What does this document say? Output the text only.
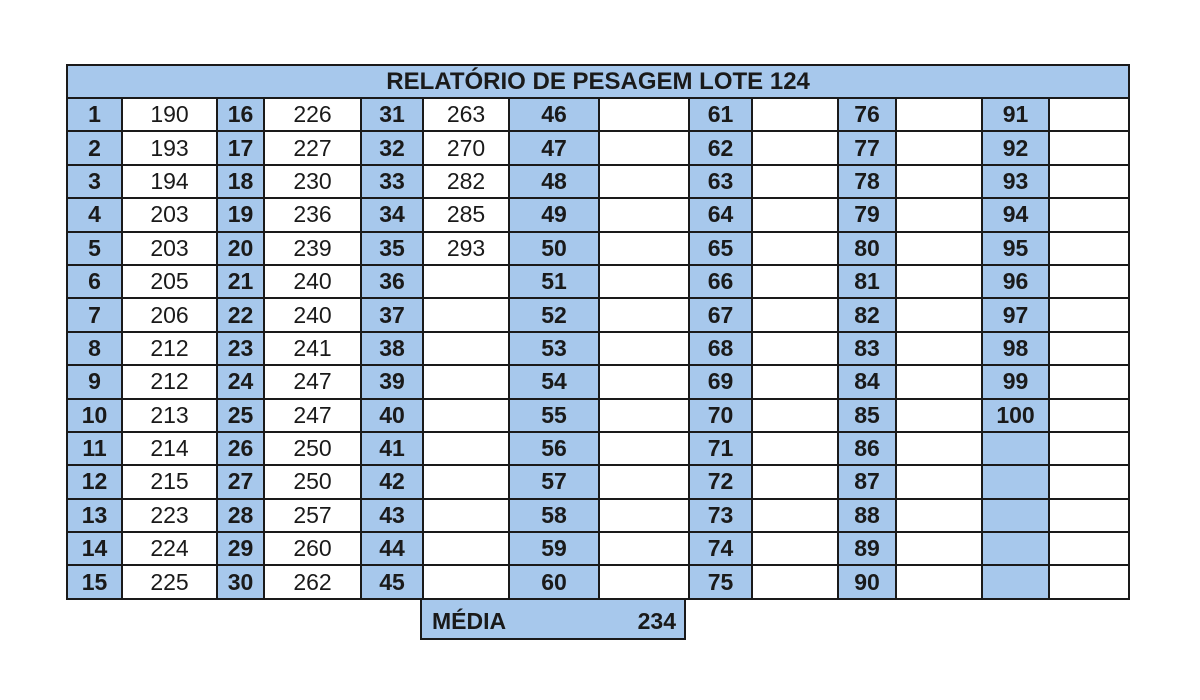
RELATÓRIO DE PESAGEM LOTE 124													
1	190	16	226	31	263	46		61		76		91	
2	193	17	227	32	270	47		62		77		92	
3	194	18	230	33	282	48		63		78		93	
4	203	19	236	34	285	49		64		79		94	
5	203	20	239	35	293	50		65		80		95	
6	205	21	240	36		51		66		81		96	
7	206	22	240	37		52		67		82		97	
8	212	23	241	38		53		68		83		98	
9	212	24	247	39		54		69		84		99	
10	213	25	247	40		55		70		85		100	
11	214	26	250	41		56		71		86			
12	215	27	250	42		57		72		87			
13	223	28	257	43		58		73		88			
14	224	29	260	44		59		74		89			
15	225	30	262	45		60		75		90			
MÉDIA	234
